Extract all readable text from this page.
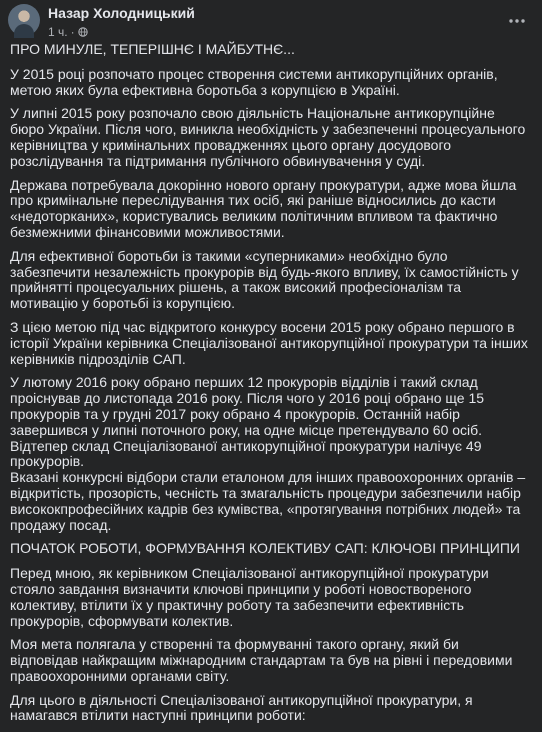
Назар Холодницький
1 ч. ·

ПРО МИНУЛЕ, ТЕПЕРІШНЄ І МАЙБУТНЄ...

У 2015 році розпочато процес створення системи антикорупційних органів, метою яких була ефективна боротьба з корупцією в Україні.

У липні 2015 року розпочало свою діяльність Національне антикорупційне бюро України. Після чого, виникла необхідність у забезпеченні процесуального керівництва у кримінальних провадженнях цього органу досудового розслідування та підтримання публічного обвинувачення у суді.

Держава потребувала докорінно нового органу прокуратури, адже мова йшла про кримінальне переслідування тих осіб, які раніше відносились до касти «недоторканих», користувались великим політичним впливом та фактично безмежними фінансовими можливостями.

Для ефективної боротьби із такими «суперниками» необхідно було забезпечити незалежність прокурорів від будь-якого впливу, їх самостійність у прийнятті процесуальних рішень, а також високий професіоналізм та мотивацію у боротьбі із корупцією.

З цією метою під час відкритого конкурсу восени 2015 року обрано першого в історії України керівника Спеціалізованої антикорупційної прокуратури та інших керівників підрозділів САП.

У лютому 2016 року обрано перших 12 прокурорів відділів і такий склад проіснував до листопада 2016 року. Після чого у 2016 році обрано ще 15 прокурорів та у грудні 2017 року обрано 4 прокурорів. Останній набір завершився у липні поточного року, на одне місце претендувало 60 осіб.
Відтепер склад Спеціалізованої антикорупційної прокуратури налічує 49 прокурорів.
Вказані конкурсні відбори стали еталоном для інших правоохоронних органів – відкритість, прозорість, чесність та змагальність процедури забезпечили набір висококпрофесійних кадрів без кумівства, «протягування потрібних людей» та продажу посад.

ПОЧАТОК РОБОТИ, ФОРМУВАННЯ КОЛЕКТИВУ САП: КЛЮЧОВІ ПРИНЦИПИ

Перед мною, як керівником Спеціалізованої антикорупційної прокуратури стояло завдання визначити ключові принципи у роботі новоствореного колективу, втілити їх у практичну роботу та забезпечити ефективність прокурорів, сформувати колектив.

Моя мета полягала у створенні та формуванні такого органу, який би відповідав найкращим міжнародним стандартам та був на рівні і передовими правоохоронними органами світу.

Для цього в діяльності Спеціалізованої антикорупційної прокуратури, я намагався втілити наступні принципи роботи:
